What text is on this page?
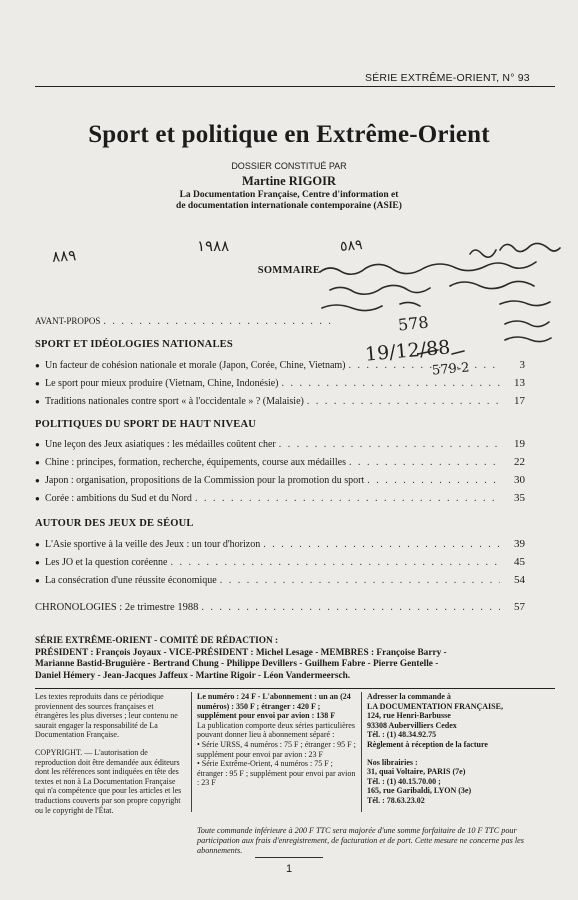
SÉRIE EXTRÊME-ORIENT, N° 93
Sport et politique en Extrême-Orient
DOSSIER CONSTITUÉ PAR
Martine RIGOIR
La Documentation Française, Centre d'information et
de documentation internationale contemporaine (ASIE)
٨٨٩
١٩٨٨	٥٨٩
578
19/12/88
579-2
SOMMAIRE
AVANT-PROPOS
. . .
SPORT ET IDÉOLOGIES NATIONALES
● Un facteur de cohésion nationale et morale (Japon, Corée, Chine, Vietnam) . . .	3
● Le sport pour mieux produire (Vietnam, Chine, Indonésie) . . .	13
● Traditions nationales contre sport « à l'occidentale » ? (Malaisie) . . .	17
POLITIQUES DU SPORT DE HAUT NIVEAU
● Une leçon des Jeux asiatiques : les médailles coûtent cher . . .	19
● Chine : principes, formation, recherche, équipements, course aux médailles . . .	22
● Japon : organisation, propositions de la Commission pour la promotion du sport . . .	30
● Corée : ambitions du Sud et du Nord . . .	35
AUTOUR DES JEUX DE SÉOUL
● L'Asie sportive à la veille des Jeux : un tour d'horizon . . .	39
● Les JO et la question coréenne . . .	45
● La consécration d'une réussite économique . . .	54
CHRONOLOGIES : 2e trimestre 1988 . . .	57
SÉRIE EXTRÊME-ORIENT - COMITÉ DE RÉDACTION :
PRÉSIDENT : François Joyaux - VICE-PRÉSIDENT : Michel Lesage - MEMBRES : Françoise Barry -
Marianne Bastid-Bruguière - Bertrand Chung - Philippe Devillers - Guilhem Fabre - Pierre Gentelle -
Daniel Hémery - Jean-Jacques Jaffeux - Martine Rigoir - Léon Vandermeersch.
Les textes reproduits dans ce périodique proviennent des sources françaises et étrangères les plus diverses ; leur contenu ne saurait engager la responsabilité de La Documentation Française.
COPYRIGHT. — L'autorisation de reproduction doit être demandée aux éditeurs dont les références sont indiquées en tête des textes et non à La Documentation Française qui n'a compétence que pour les articles et les traductions couverts par son propre copyright ou le copyright de l'État.
Le numéro : 24 F - L'abonnement : un an (24 numéros) : 350 F ; étranger : 420 F ; supplément pour envoi par avion : 138 F
La publication comporte deux séries particulières pouvant donner lieu à abonnement séparé :
• Série URSS, 4 numéros : 75 F ; étranger : 95 F ; supplément pour envoi par avion : 23 F
• Série Extrême-Orient, 4 numéros : 75 F ; étranger : 95 F ; supplément pour envoi par avion : 23 F
Adresser la commande à
LA DOCUMENTATION FRANÇAISE,
124, rue Henri-Barbusse
93308 Aubervilliers Cedex
Tél. : (1) 48.34.92.75
Règlement à réception de la facture
Nos librairies :
31, quai Voltaire, PARIS (7e)
Tél. : (1) 40.15.70.00 ;
165, rue Garibaldi, LYON (3e)
Tél. : 78.63.23.02
Toute commande inférieure à 200 F TTC sera majorée d'une somme forfaitaire de 10 F TTC pour participation aux frais d'enregistrement, de facturation et de port. Cette mesure ne concerne pas les abonnements.
1
